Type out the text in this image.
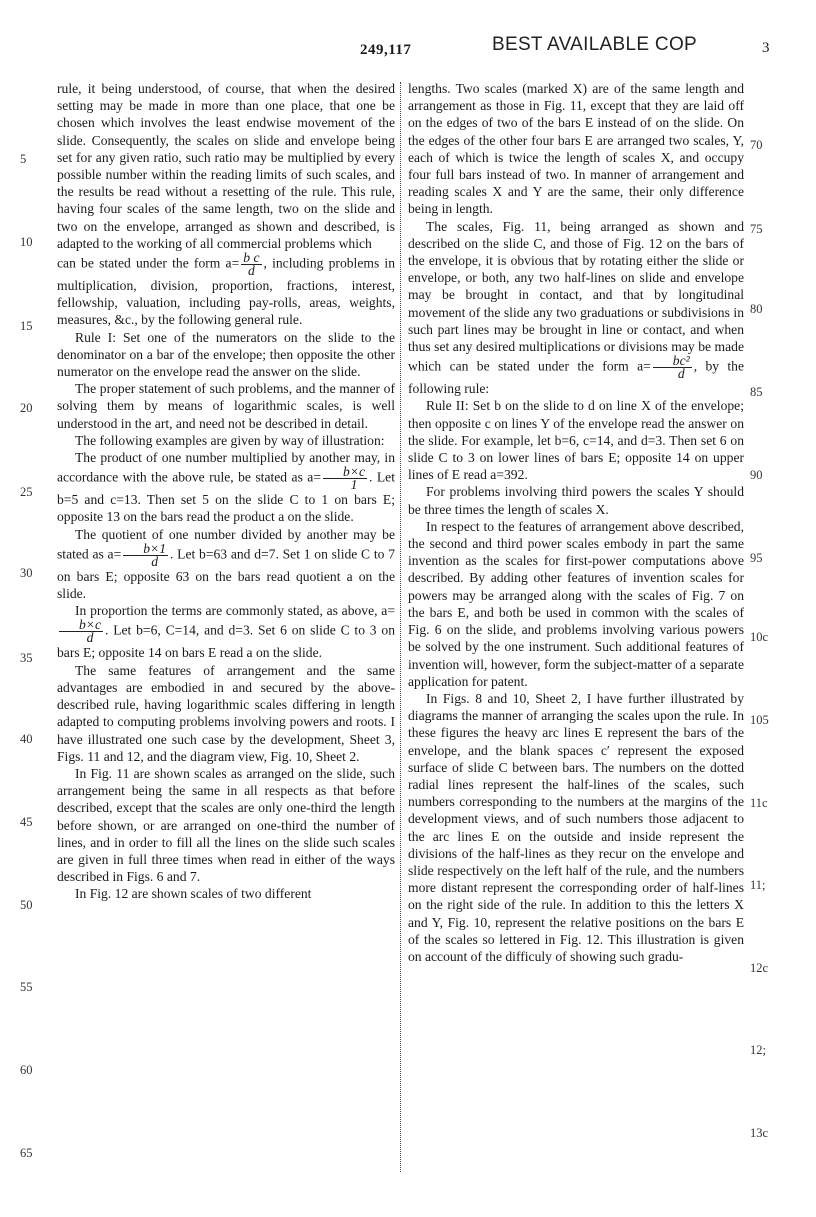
249,117	BEST AVAILABLE COP	3
5
10
15
20
25
30
35
40
45
50
55
60
65
70
75
80
85
90
95
10c
105
11c
11;
12c
12;
13c

rule, it being understood, of course, that when the desired setting may be made in more than one place, that one be chosen which involves the least endwise movement of the slide. Consequently, the scales on slide and envelope being set for any given ratio, such ratio may be multiplied by every possible number within the reading limits of such scales, and the results be read without a resetting of the rule. This rule, having four scales of the same length, two on the slide and two on the envelope, arranged as shown and described, is adapted to the working of all commercial problems which

can be stated under the form $a= \frac{\text{b c}}{d}$ , including problems in multiplication, division, proportion, fractions, interest, fellowship, valuation, including pay-rolls, areas, weights, measures, &c., by the following general rule.

Rule I: Set one of the numerators on the slide to the denominator on a bar of the envelope; then opposite the other numerator on the envelope read the answer on the slide.

The proper statement of such problems, and the manner of solving them by means of logarithmic scales, is well understood in the art, and need not be described in detail.

The following examples are given by way of illustration:

The product of one number multiplied by another may, in accordance with the above rule, be stated as $a= \frac{b\times c}{1}$ . Let b=5 and c=13. Then set 5 on the slide C to 1 on bars E; opposite 13 on the bars read the product a on the slide.

The quotient of one number divided by another may be stated as $a= \frac{b\times 1}{d}$ . Let b=63 and d=7. Set 1 on slide C to 7 on bars E; opposite 63 on the bars read quotient a on the slide.

In proportion the terms are commonly stated, as above, a=
$\frac{b\times c}{d}$ . Let b=6, C=14, and d=3. Set 6 on slide C to 3 on bars E; opposite 14 on bars E read a on the slide.

The same features of arrangement and the same advantages are embodied in and secured by the above-described rule, having logarithmic scales differing in length adapted to computing problems involving powers and roots. I have illustrated one such case by the development, Sheet 3, Figs. 11 and 12, and the diagram view, Fig. 10, Sheet 2.

In Fig. 11 are shown scales as arranged on the slide, such arrangement being the same in all respects as that before described, except that the scales are only one-third the length before shown, or are arranged on one-third the number of lines, and in order to fill all the lines on the slide such scales are given in full three times when read in either of the ways described in Figs. 6 and 7.

In Fig. 12 are shown scales of two different

lengths. Two scales (marked X) are of the same length and arrangement as those in Fig. 11, except that they are laid off on the edges of two of the bars E instead of on the slide. On the edges of the other four bars E are arranged two scales, Y, each of which is twice the length of scales X, and occupy four full bars instead of two. In manner of arrangement and reading scales X and Y are the same, their only difference being in length.

The scales, Fig. 11, being arranged as shown and described on the slide C, and those of Fig. 12 on the bars of the envelope, it is obvious that by rotating either the slide or envelope, or both, any two half-lines on slide and envelope may be brought in contact, and that by longitudinal movement of the slide any two graduations or subdivisions in such part lines may be brought in line or contact, and when thus set any desired multiplications or divisions may be made which can be stated under the form $a= \frac{\text{bc²}}{d}$ , by the following rule:

Rule II: Set b on the slide to d on line X of the envelope; then opposite c on lines Y of the envelope read the answer on the slide. For example, let b=6, c=14, and d=3. Then set 6 on slide C to 3 on lower lines of bars E; opposite 14 on upper lines of E read a=392.

For problems involving third powers the scales Y should be three times the length of scales X.

In respect to the features of arrangement above described, the second and third power scales embody in part the same invention as the scales for first-power computations above described. By adding other features of invention scales for powers may be arranged along with the scales of Fig. 7 on the bars E, and both be used in common with the scales of Fig. 6 on the slide, and problems involving various powers be solved by the one instrument. Such additional features of invention will, however, form the subject-matter of a separate application for patent.

In Figs. 8 and 10, Sheet 2, I have further illustrated by diagrams the manner of arranging the scales upon the rule. In these figures the heavy arc lines E represent the bars of the envelope, and the blank spaces c′ represent the exposed surface of slide C between bars. The numbers on the dotted radial lines represent the half-lines of the scales, such numbers corresponding to the numbers at the margins of the development views, and of such numbers those adjacent to the arc lines E on the outside and inside represent the divisions of the half-lines as they recur on the envelope and slide respectively on the left half of the rule, and the numbers more distant represent the corresponding order of half-lines on the right side of the rule. In addition to this the letters X and Y, Fig. 10, represent the relative positions on the bars E of the scales so lettered in Fig. 12. This illustration is given on account of the difficuly of showing such gradu-
